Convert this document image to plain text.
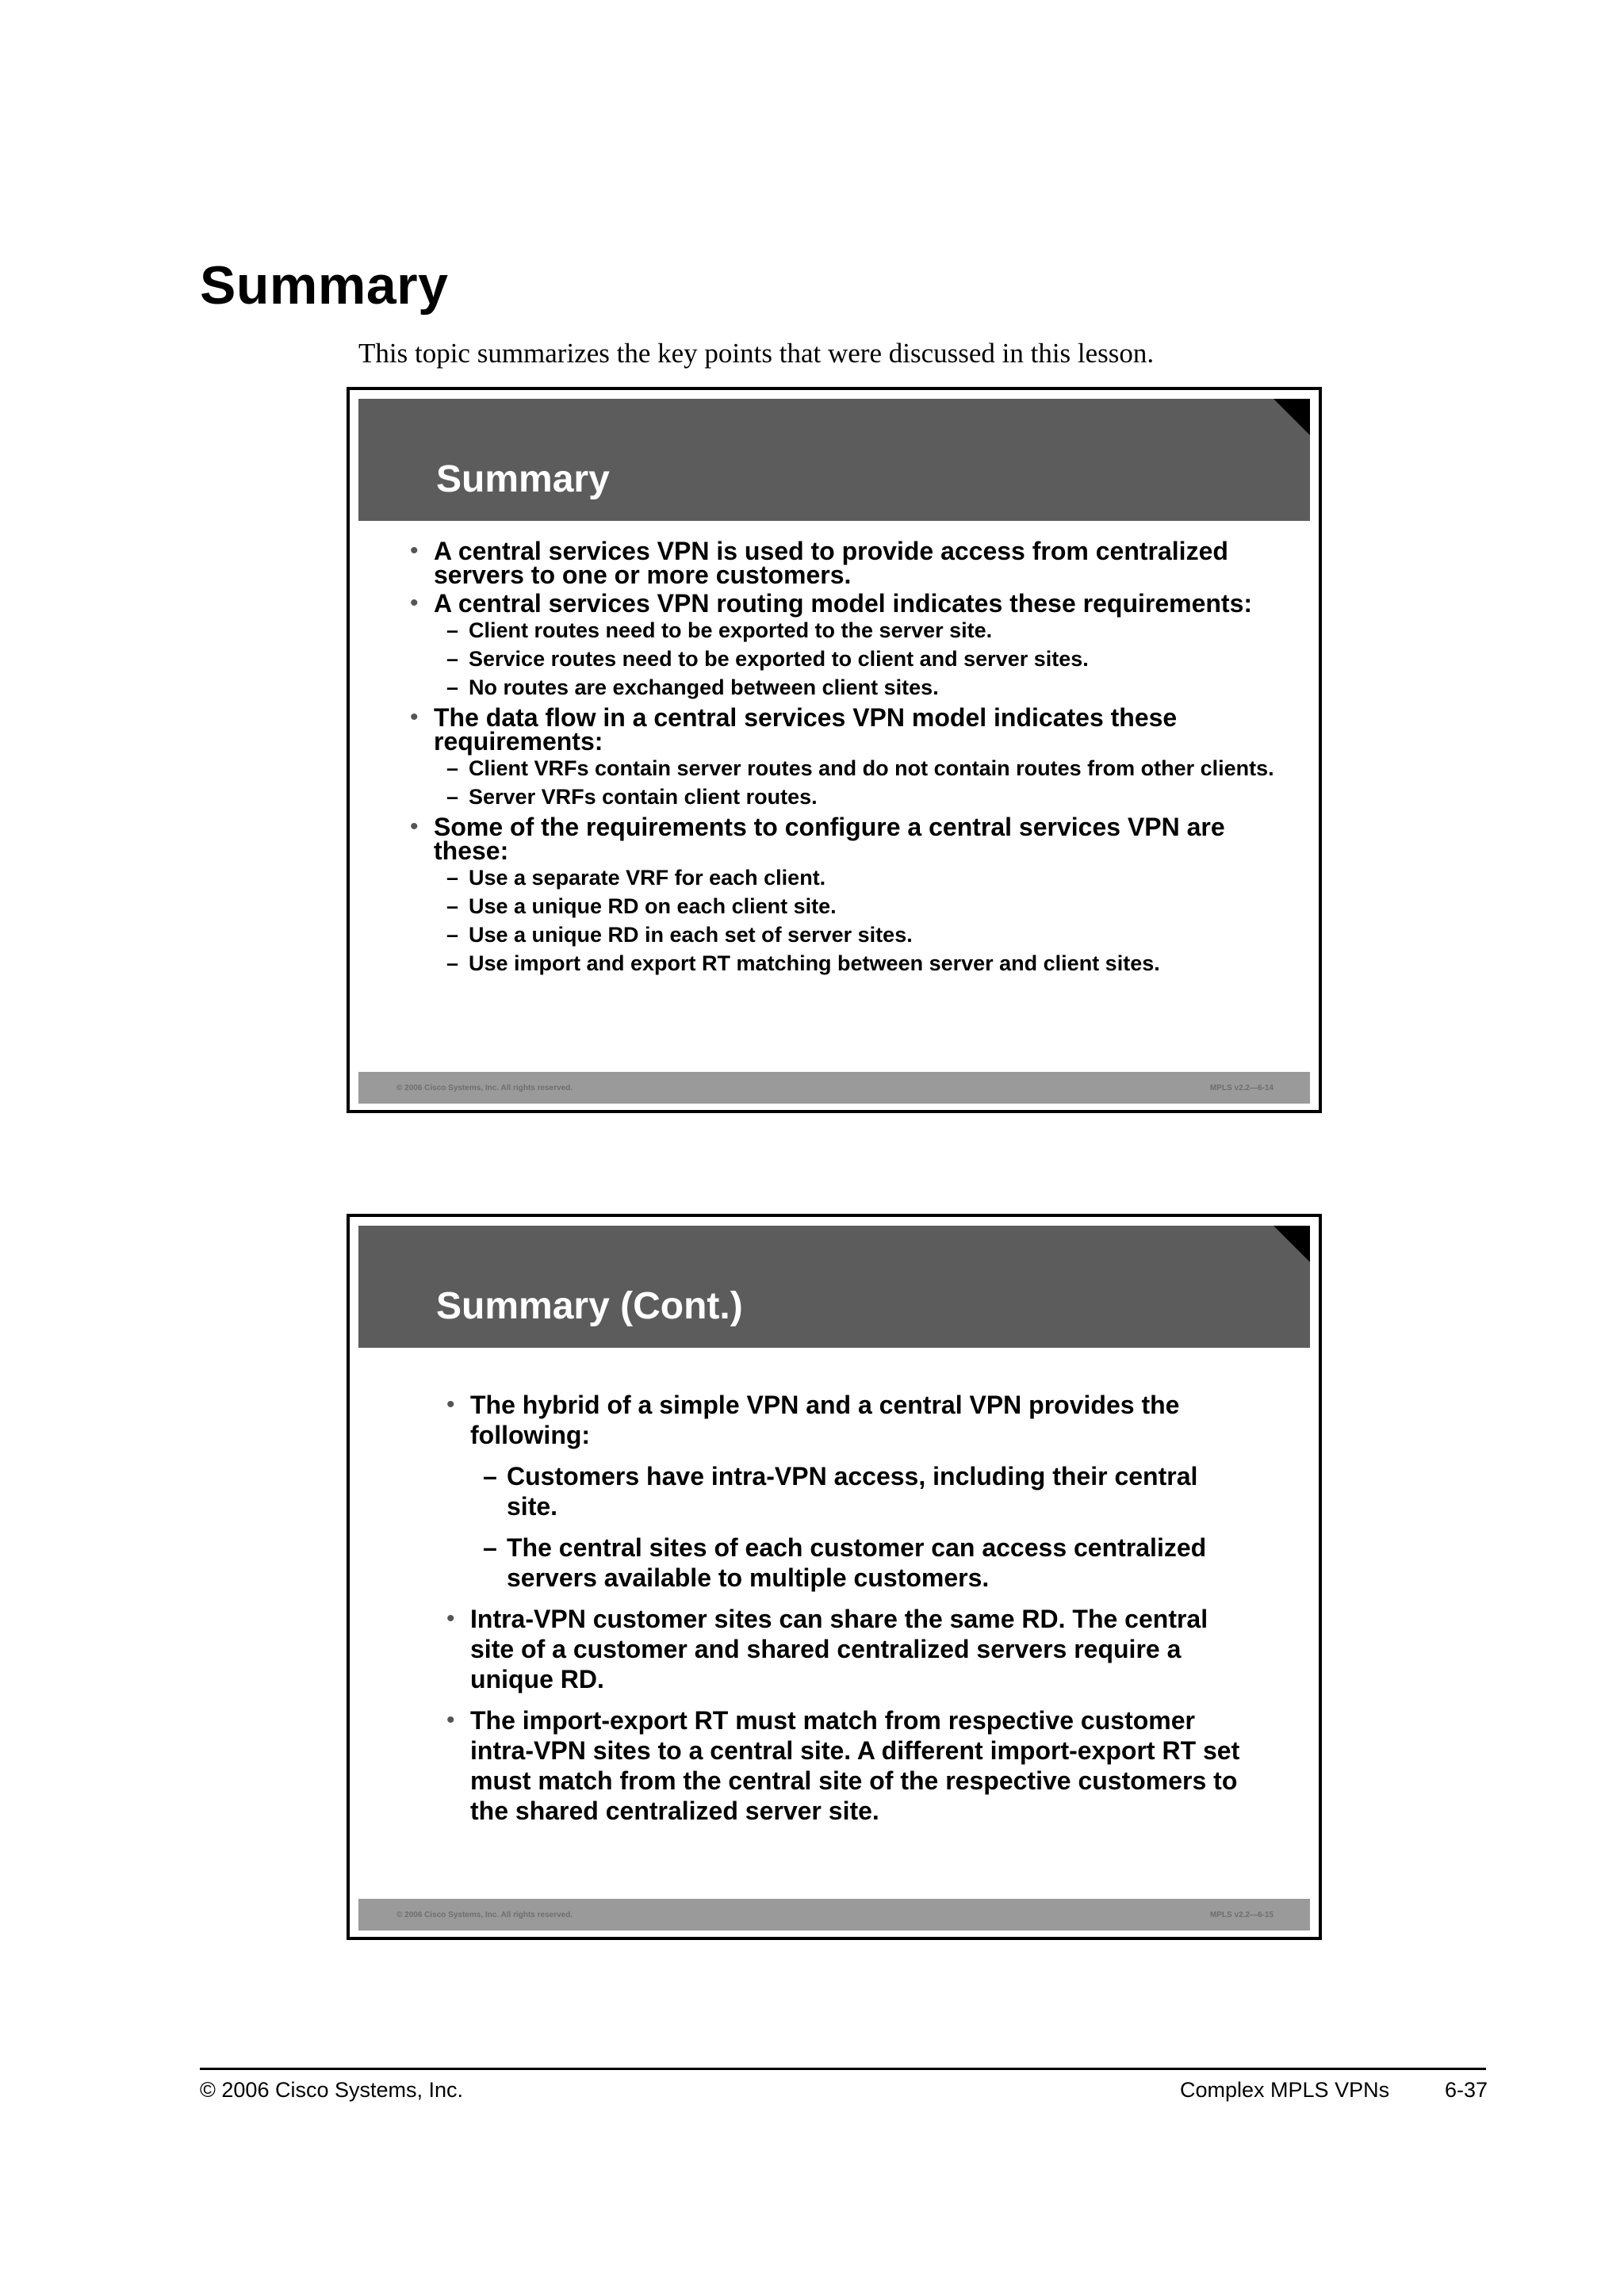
Summary
This topic summarizes the key points that were discussed in this lesson.
Summary
• A central services VPN is used to provide access from centralized servers to one or more customers.
• A central services VPN routing model indicates these requirements:
– Client routes need to be exported to the server site.
– Service routes need to be exported to client and server sites.
– No routes are exchanged between client sites.
• The data flow in a central services VPN model indicates these requirements:
– Client VRFs contain server routes and do not contain routes from other clients.
– Server VRFs contain client routes.
• Some of the requirements to configure a central services VPN are these:
– Use a separate VRF for each client.
– Use a unique RD on each client site.
– Use a unique RD in each set of server sites.
– Use import and export RT matching between server and client sites.
© 2006 Cisco Systems, Inc. All rights reserved.	MPLS v2.2—6-14
Summary (Cont.)
• The hybrid of a simple VPN and a central VPN provides the following:
– Customers have intra-VPN access, including their central site.
– The central sites of each customer can access centralized servers available to multiple customers.
• Intra-VPN customer sites can share the same RD. The central site of a customer and shared centralized servers require a unique RD.
• The import-export RT must match from respective customer intra-VPN sites to a central site. A different import-export RT set must match from the central site of the respective customers to the shared centralized server site.
© 2006 Cisco Systems, Inc. All rights reserved.	MPLS v2.2—6-15
© 2006 Cisco Systems, Inc.	Complex MPLS VPNs	6-37
